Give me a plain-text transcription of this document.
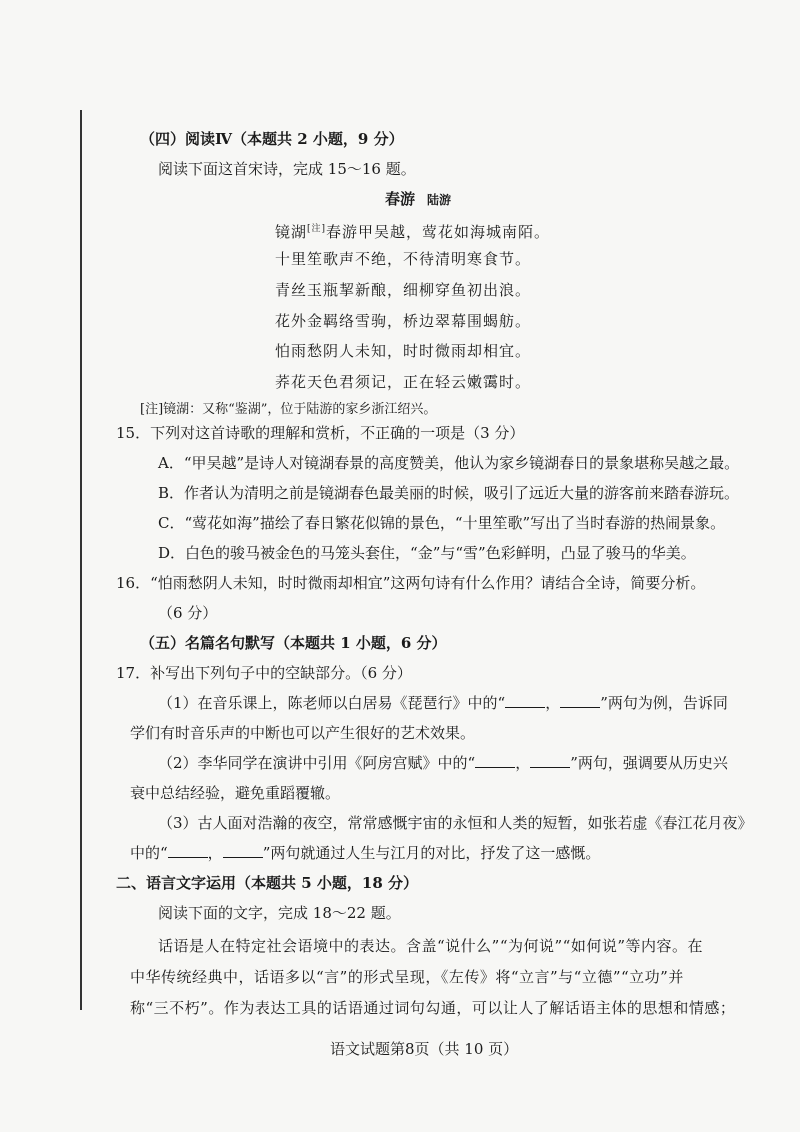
（四）阅读Ⅳ（本题共 2 小题，9 分）
阅读下面这首宋诗，完成 15～16 题。
春游 陆游
镜湖[注]春游甲吴越，莺花如海城南陌。
十里笙歌声不绝，不待清明寒食节。
青丝玉瓶挈新酿，细柳穿鱼初出浪。
花外金羁络雪驹，桥边翠幕围蝎舫。
怕雨愁阴人未知，时时微雨却相宜。
荞花天色君须记，正在轻云嫩霭时。
[注]镜湖：又称“鉴湖”，位于陆游的家乡浙江绍兴。
15．下列对这首诗歌的理解和赏析，不正确的一项是（3 分）
A．“甲吴越”是诗人对镜湖春景的高度赞美，他认为家乡镜湖春日的景象堪称吴越之最。
B．作者认为清明之前是镜湖春色最美丽的时候，吸引了远近大量的游客前来踏春游玩。
C．“莺花如海”描绘了春日繁花似锦的景色，“十里笙歌”写出了当时春游的热闹景象。
D．白色的骏马被金色的马笼头套住，“金”与“雪”色彩鲜明，凸显了骏马的华美。
16．“怕雨愁阴人未知，时时微雨却相宜”这两句诗有什么作用？请结合全诗，简要分析。
（6 分）
（五）名篇名句默写（本题共 1 小题，6 分）
17．补写出下列句子中的空缺部分。（6 分）
（1）在音乐课上，陈老师以白居易《琵琶行》中的“	，	”两句为例，告诉同
学们有时音乐声的中断也可以产生很好的艺术效果。
（2）李华同学在演讲中引用《阿房宫赋》中的“	，	”两句，强调要从历史兴
衰中总结经验，避免重蹈覆辙。
（3）古人面对浩瀚的夜空，常常感慨宇宙的永恒和人类的短暂，如张若虚《春江花月夜》
中的“	，	”两句就通过人生与江月的对比，抒发了这一感慨。
二、语言文字运用（本题共 5 小题，18 分）
阅读下面的文字，完成 18～22 题。
话语是人在特定社会语境中的表达。含盖“说什么”“为何说”“如何说”等内容。在
中华传统经典中，话语多以“言”的形式呈现，《左传》将“立言”与“立德”“立功”并
称“三不朽”。作为表达工具的话语通过词句勾通，可以让人了解话语主体的思想和情感；
语文试题第8页（共 10 页）
